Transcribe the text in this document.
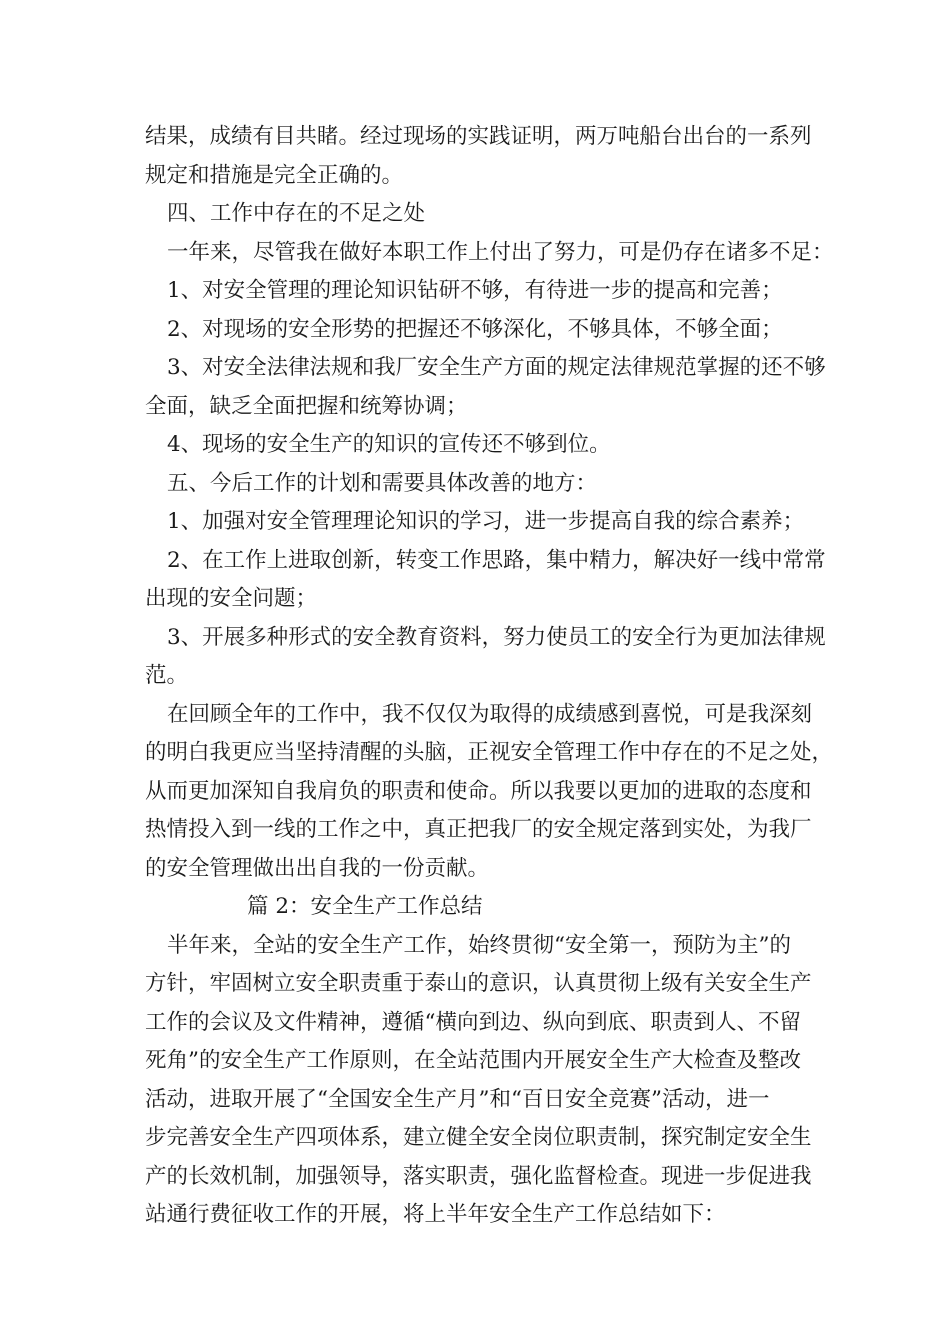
结果，成绩有目共睹。经过现场的实践证明，两万吨船台出台的一系列

规定和措施是完全正确的。

四、工作中存在的不足之处

一年来，尽管我在做好本职工作上付出了努力，可是仍存在诸多不足：

1、对安全管理的理论知识钻研不够，有待进一步的提高和完善；

2、对现场的安全形势的把握还不够深化，不够具体，不够全面；

3、对安全法律法规和我厂安全生产方面的规定法律规范掌握的还不够

全面，缺乏全面把握和统筹协调；

4、现场的安全生产的知识的宣传还不够到位。

五、今后工作的计划和需要具体改善的地方：

1、加强对安全管理理论知识的学习，进一步提高自我的综合素养；

2、在工作上进取创新，转变工作思路，集中精力，解决好一线中常常

出现的安全问题；

3、开展多种形式的安全教育资料，努力使员工的安全行为更加法律规

范。

在回顾全年的工作中，我不仅仅为取得的成绩感到喜悦，可是我深刻

的明白我更应当坚持清醒的头脑，正视安全管理工作中存在的不足之处，

从而更加深知自我肩负的职责和使命。所以我要以更加的进取的态度和

热情投入到一线的工作之中，真正把我厂的安全规定落到实处，为我厂

的安全管理做出出自我的一份贡献。

篇 2：安全生产工作总结

半年来，全站的安全生产工作，始终贯彻“安全第一，预防为主”的

方针，牢固树立安全职责重于泰山的意识，认真贯彻上级有关安全生产

工作的会议及文件精神，遵循“横向到边、纵向到底、职责到人、不留

死角”的安全生产工作原则，在全站范围内开展安全生产大检查及整改

活动，进取开展了“全国安全生产月”和“百日安全竞赛”活动，进一

步完善安全生产四项体系，建立健全安全岗位职责制，探究制定安全生

产的长效机制，加强领导，落实职责，强化监督检查。现进一步促进我

站通行费征收工作的开展，将上半年安全生产工作总结如下：
